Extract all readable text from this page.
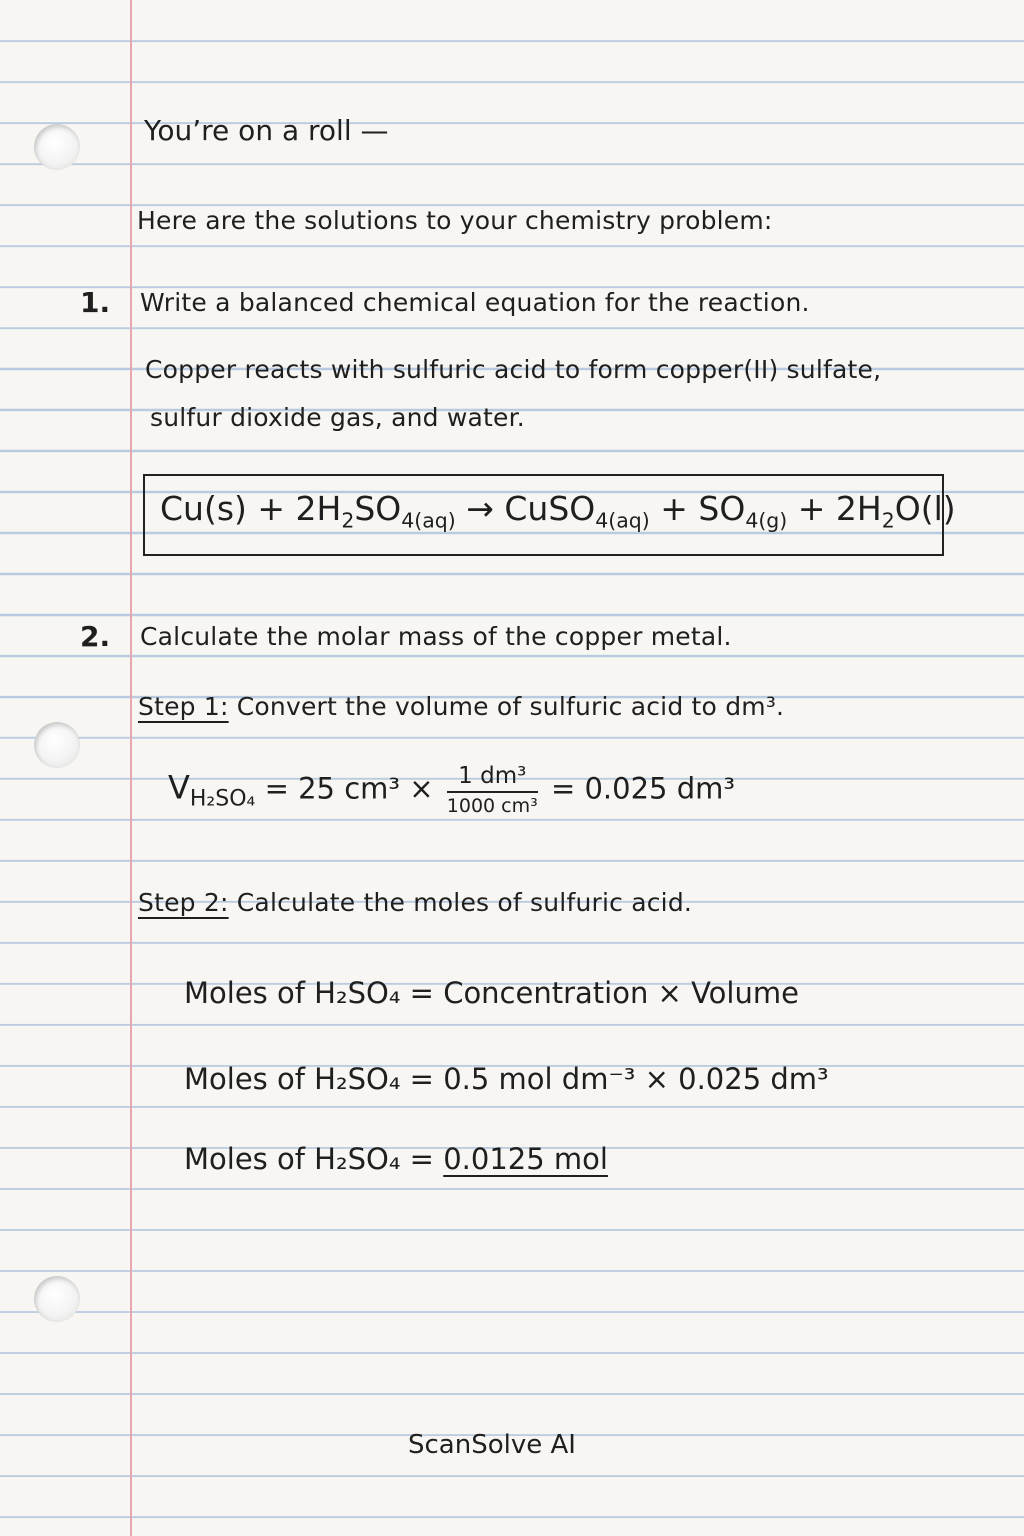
You’re on a roll —
Here are the solutions to your chemistry problem:
1. Write a balanced chemical equation for the reaction.
Copper reacts with sulfuric acid to form copper(II) sulfate,
sulfur dioxide gas, and water.
$Cu(s) + 2H_2SO_{4(aq)}$ → CuSO$_{4(aq)}$ + $SO_{4(g)} + 2H_2O(l)$
2. Calculate the molar mass of the copper metal.
Step 1: Convert the volume of sulfuric acid to dm³.
$V_{H_2SO_4} = 25$ $cm^3 \times \frac{\text{1 dm³}}{\text{1000 cm³}} = 0.025$ dm³
Step 2: Calculate the moles of sulfuric acid.
Moles of H₂SO₄ = Concentration × Volume
Moles of H₂SO₄ = 0.5 mol dm⁻³ × 0.025 dm³
Moles of H₂SO₄ = 0.0125 mol
ScanSolve AI
